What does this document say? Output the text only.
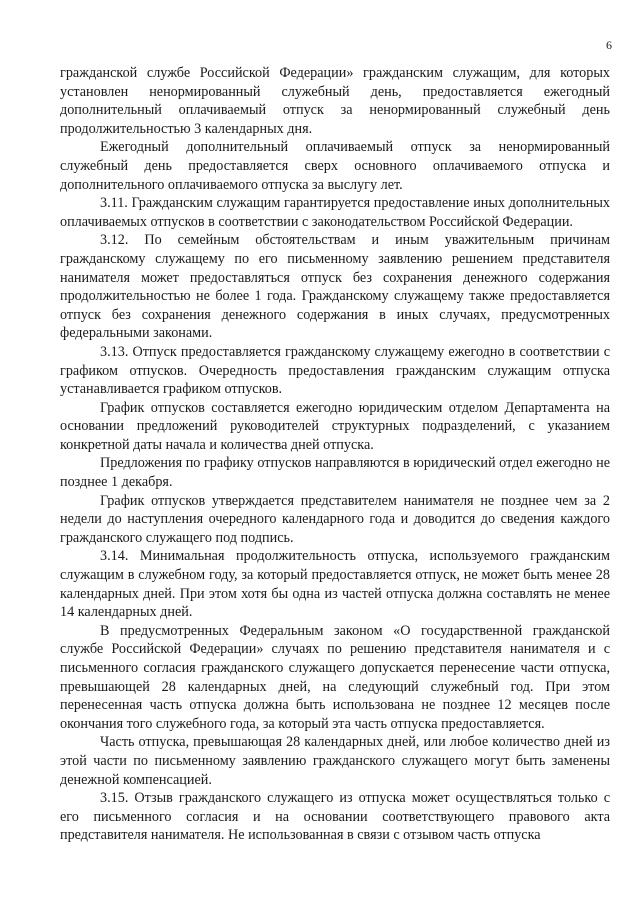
6

гражданской службе Российской Федерации» гражданским служащим, для которых установлен ненормированный служебный день, предоставляется ежегодный дополнительный оплачиваемый отпуск за ненормированный служебный день продолжительностью 3 календарных дня.

Ежегодный дополнительный оплачиваемый отпуск за ненормированный служебный день предоставляется сверх основного оплачиваемого отпуска и дополнительного оплачиваемого отпуска за выслугу лет.

3.11. Гражданским служащим гарантируется предоставление иных дополнительных оплачиваемых отпусков в соответствии с законодательством Российской Федерации.

3.12. По семейным обстоятельствам и иным уважительным причинам гражданскому служащему по его письменному заявлению решением представителя нанимателя может предоставляться отпуск без сохранения денежного содержания продолжительностью не более 1 года. Гражданскому служащему также предоставляется отпуск без сохранения денежного содержания в иных случаях, предусмотренных федеральными законами.

3.13. Отпуск предоставляется гражданскому служащему ежегодно в соответствии с графиком отпусков. Очередность предоставления гражданским служащим отпуска устанавливается графиком отпусков.

График отпусков составляется ежегодно юридическим отделом Департамента на основании предложений руководителей структурных подразделений, с указанием конкретной даты начала и количества дней отпуска.

Предложения по графику отпусков направляются в юридический отдел ежегодно не позднее 1 декабря.

График отпусков утверждается представителем нанимателя не позднее чем за 2 недели до наступления очередного календарного года и доводится до сведения каждого гражданского служащего под подпись.

3.14. Минимальная продолжительность отпуска, используемого гражданским служащим в служебном году, за который предоставляется отпуск, не может быть менее 28 календарных дней. При этом хотя бы одна из частей отпуска должна составлять не менее 14 календарных дней.

В предусмотренных Федеральным законом «О государственной гражданской службе Российской Федерации» случаях по решению представителя нанимателя и с письменного согласия гражданского служащего допускается перенесение части отпуска, превышающей 28 календарных дней, на следующий служебный год. При этом перенесенная часть отпуска должна быть использована не позднее 12 месяцев после окончания того служебного года, за который эта часть отпуска предоставляется.

Часть отпуска, превышающая 28 календарных дней, или любое количество дней из этой части по письменному заявлению гражданского служащего могут быть заменены денежной компенсацией.

3.15. Отзыв гражданского служащего из отпуска может осуществляться только с его письменного согласия и на основании соответствующего правового акта представителя нанимателя. Не использованная в связи с отзывом часть отпуска
